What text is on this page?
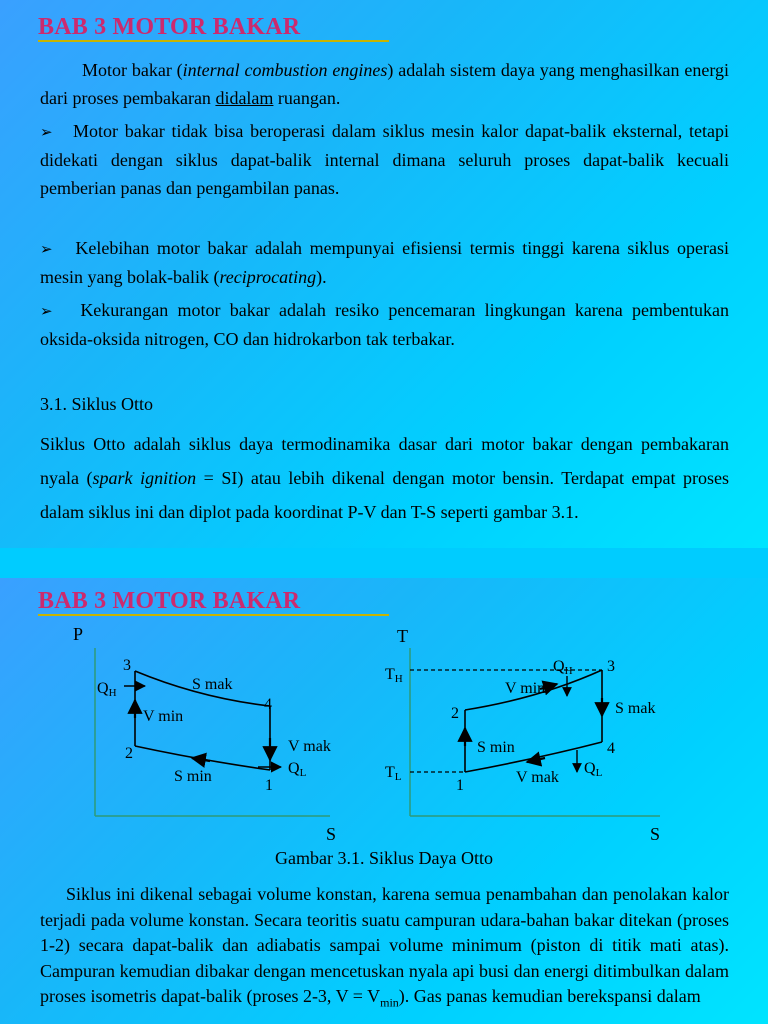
BAB 3 MOTOR BAKAR

Motor bakar (internal combustion engines) adalah sistem daya yang menghasilkan energi dari proses pembakaran didalam ruangan.

➢ Motor bakar tidak bisa beroperasi dalam siklus mesin kalor dapat-balik eksternal, tetapi didekati dengan siklus dapat-balik internal dimana seluruh proses dapat-balik kecuali pemberian panas dan pengambilan panas.

➢ Kelebihan motor bakar adalah mempunyai efisiensi termis tinggi karena siklus operasi mesin yang bolak-balik (reciprocating).

➢ Kekurangan motor bakar adalah resiko pencemaran lingkungan karena pembentukan oksida-oksida nitrogen, CO dan hidrokarbon tak terbakar.

3.1. Siklus Otto

Siklus Otto adalah siklus daya termodinamika dasar dari motor bakar dengan pembakaran nyala (spark ignition = SI) atau lebih dikenal dengan motor bensin. Terdapat empat proses dalam siklus ini dan diplot pada koordinat P-V dan T-S seperti gambar 3.1.

BAB 3 MOTOR BAKAR
P
S
3
2
4
1
QH
QL
S mak
V min
V mak
S min
T
S
TH
TL
3
2
4
1
QH
QL
V min
S mak
S min
V mak
Gambar 3.1. Siklus Daya Otto

Siklus ini dikenal sebagai volume konstan, karena semua penambahan dan penolakan kalor terjadi pada volume konstan. Secara teoritis suatu campuran udara-bahan bakar ditekan (proses 1-2) secara dapat-balik dan adiabatis sampai volume minimum (piston di titik mati atas). Campuran kemudian dibakar dengan mencetuskan nyala api busi dan energi ditimbulkan dalam proses isometris dapat-balik (proses 2-3, $V = V_{min}$). Gas panas kemudian berekspansi dalam
